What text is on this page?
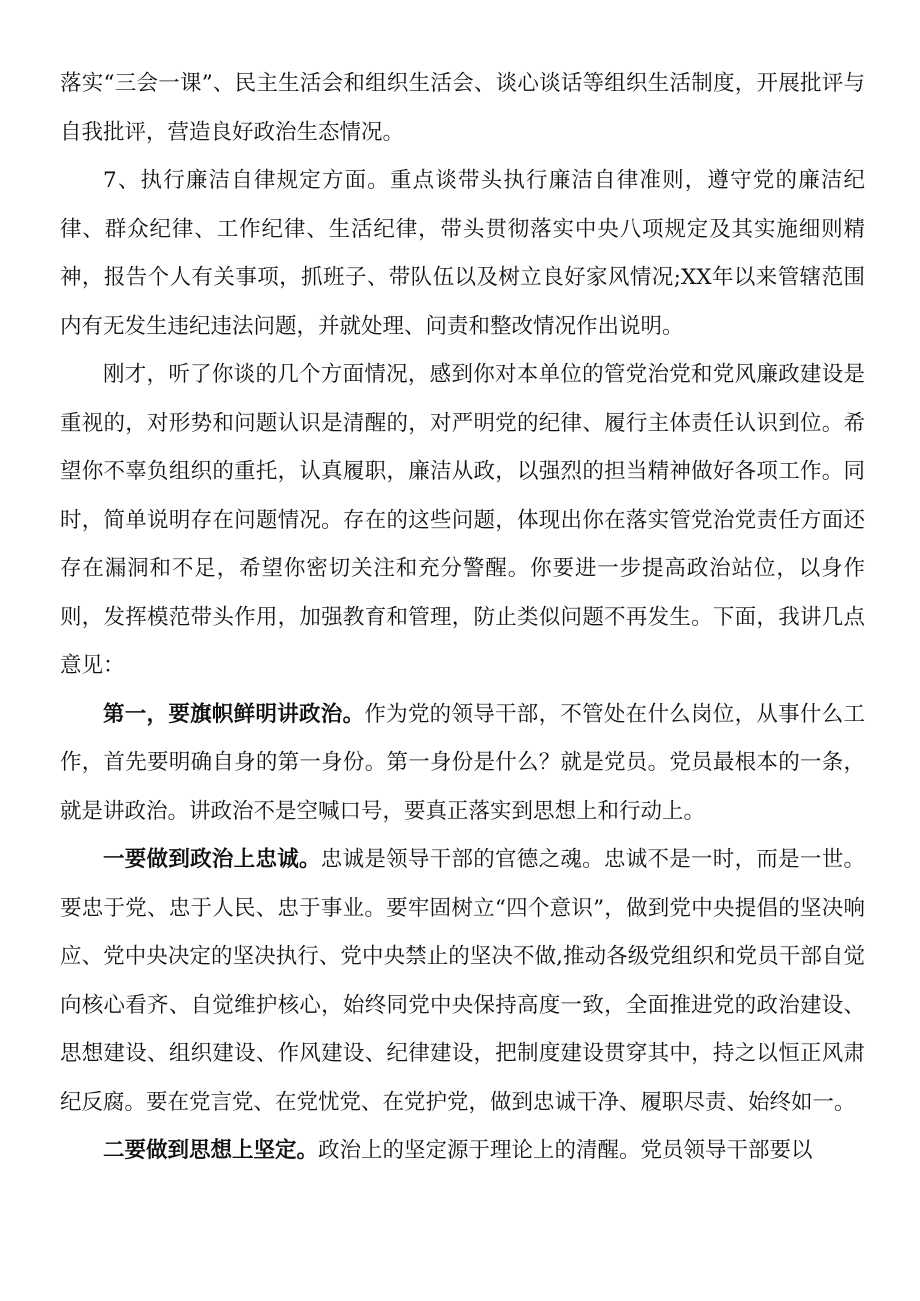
落实“三会一课”、民主生活会和组织生活会、谈心谈话等组织生活制度，开展批评与自我批评，营造良好政治生态情况。

7、执行廉洁自律规定方面。重点谈带头执行廉洁自律准则，遵守党的廉洁纪律、群众纪律、工作纪律、生活纪律，带头贯彻落实中央八项规定及其实施细则精神，报告个人有关事项，抓班子、带队伍以及树立良好家风情况;XX年以来管辖范围内有无发生违纪违法问题，并就处理、问责和整改情况作出说明。

刚才，听了你谈的几个方面情况，感到你对本单位的管党治党和党风廉政建设是重视的，对形势和问题认识是清醒的，对严明党的纪律、履行主体责任认识到位。希望你不辜负组织的重托，认真履职，廉洁从政，以强烈的担当精神做好各项工作。同时，简单说明存在问题情况。存在的这些问题，体现出你在落实管党治党责任方面还存在漏洞和不足，希望你密切关注和充分警醒。你要进一步提高政治站位，以身作则，发挥模范带头作用，加强教育和管理，防止类似问题不再发生。下面，我讲几点意见：

第一，要旗帜鲜明讲政治。作为党的领导干部，不管处在什么岗位，从事什么工作，首先要明确自身的第一身份。第一身份是什么？就是党员。党员最根本的一条，就是讲政治。讲政治不是空喊口号，要真正落实到思想上和行动上。

一要做到政治上忠诚。忠诚是领导干部的官德之魂。忠诚不是一时，而是一世。要忠于党、忠于人民、忠于事业。要牢固树立“四个意识”，做到党中央提倡的坚决响应、党中央决定的坚决执行、党中央禁止的坚决不做,推动各级党组织和党员干部自觉向核心看齐、自觉维护核心，始终同党中央保持高度一致，全面推进党的政治建设、思想建设、组织建设、作风建设、纪律建设，把制度建设贯穿其中，持之以恒正风肃纪反腐。要在党言党、在党忧党、在党护党，做到忠诚干净、履职尽责、始终如一。

二要做到思想上坚定。政治上的坚定源于理论上的清醒。党员领导干部要以
